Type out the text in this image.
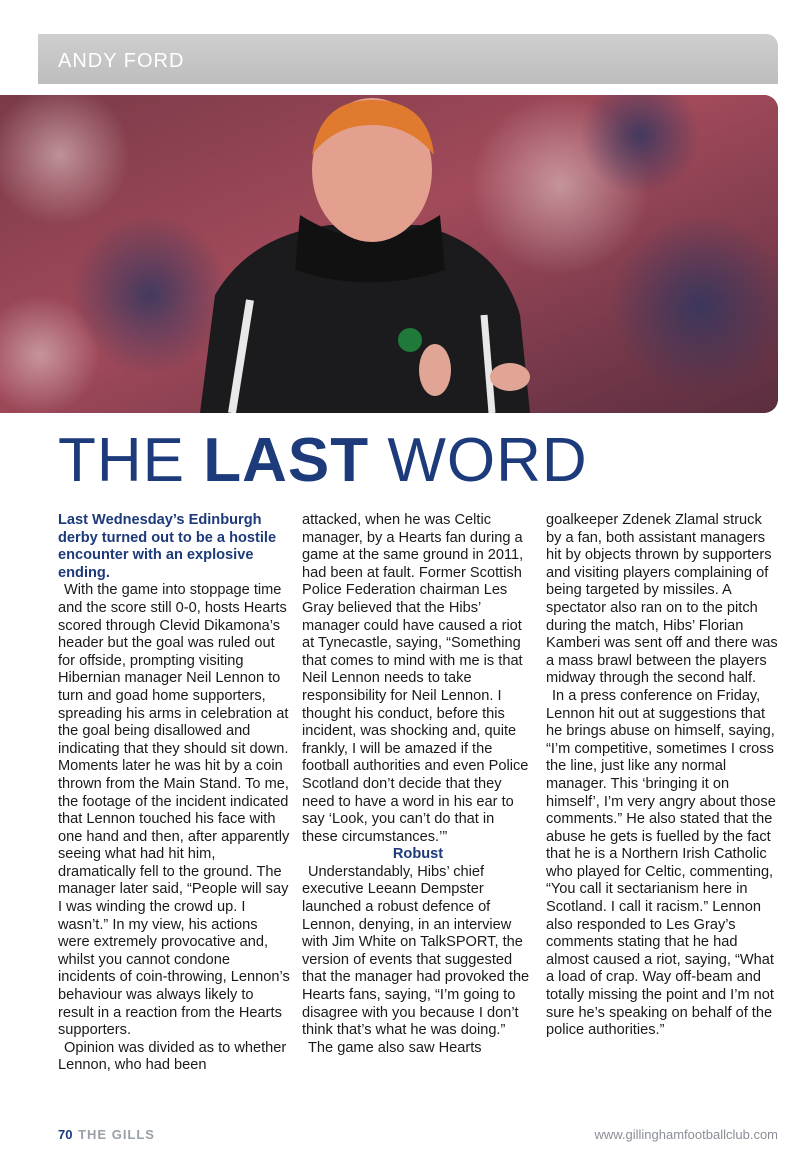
ANDY FORD
THE LAST WORD

Last Wednesday’s Edinburgh derby turned out to be a hostile encounter with an explosive ending.

With the game into stoppage time and the score still 0-0, hosts Hearts scored through Clevid Dikamona’s header but the goal was ruled out for offside, prompting visiting Hibernian manager Neil Lennon to turn and goad home supporters, spreading his arms in celebration at the goal being disallowed and indicating that they should sit down. Moments later he was hit by a coin thrown from the Main Stand. To me, the footage of the incident indicated that Lennon touched his face with one hand and then, after apparently seeing what had hit him, dramatically fell to the ground. The manager later said, “People will say I was winding the crowd up. I wasn’t.” In my view, his actions were extremely provocative and, whilst you cannot condone incidents of coin-throwing, Lennon’s behaviour was always likely to result in a reaction from the Hearts supporters.

Opinion was divided as to whether Lennon, who had been

attacked, when he was Celtic manager, by a Hearts fan during a game at the same ground in 2011, had been at fault. Former Scottish Police Federation chairman Les Gray believed that the Hibs’ manager could have caused a riot at Tynecastle, saying, “Something that comes to mind with me is that Neil Lennon needs to take responsibility for Neil Lennon. I thought his conduct, before this incident, was shocking and, quite frankly, I will be amazed if the football authorities and even Police Scotland don’t decide that they need to have a word in his ear to say ‘Look, you can’t do that in these circumstances.’”

Robust

Understandably, Hibs’ chief executive Leeann Dempster launched a robust defence of Lennon, denying, in an interview with Jim White on TalkSPORT, the version of events that suggested that the manager had provoked the Hearts fans, saying, “I’m going to disagree with you because I don’t think that’s what he was doing.”

The game also saw Hearts

goalkeeper Zdenek Zlamal struck by a fan, both assistant managers hit by objects thrown by supporters and visiting players complaining of being targeted by missiles. A spectator also ran on to the pitch during the match, Hibs’ Florian Kamberi was sent off and there was a mass brawl between the players midway through the second half.

In a press conference on Friday, Lennon hit out at suggestions that he brings abuse on himself, saying, “I’m competitive, sometimes I cross the line, just like any normal manager. This ‘bringing it on himself’, I’m very angry about those comments.” He also stated that the abuse he gets is fuelled by the fact that he is a Northern Irish Catholic who played for Celtic, commenting, “You call it sectarianism here in Scotland. I call it racism.” Lennon also responded to Les Gray’s comments stating that he had almost caused a riot, saying, “What a load of crap. Way off-beam and totally missing the point and I’m not sure he’s speaking on behalf of the police authorities.”

70 THE GILLS	www.gillinghamfootballclub.com
